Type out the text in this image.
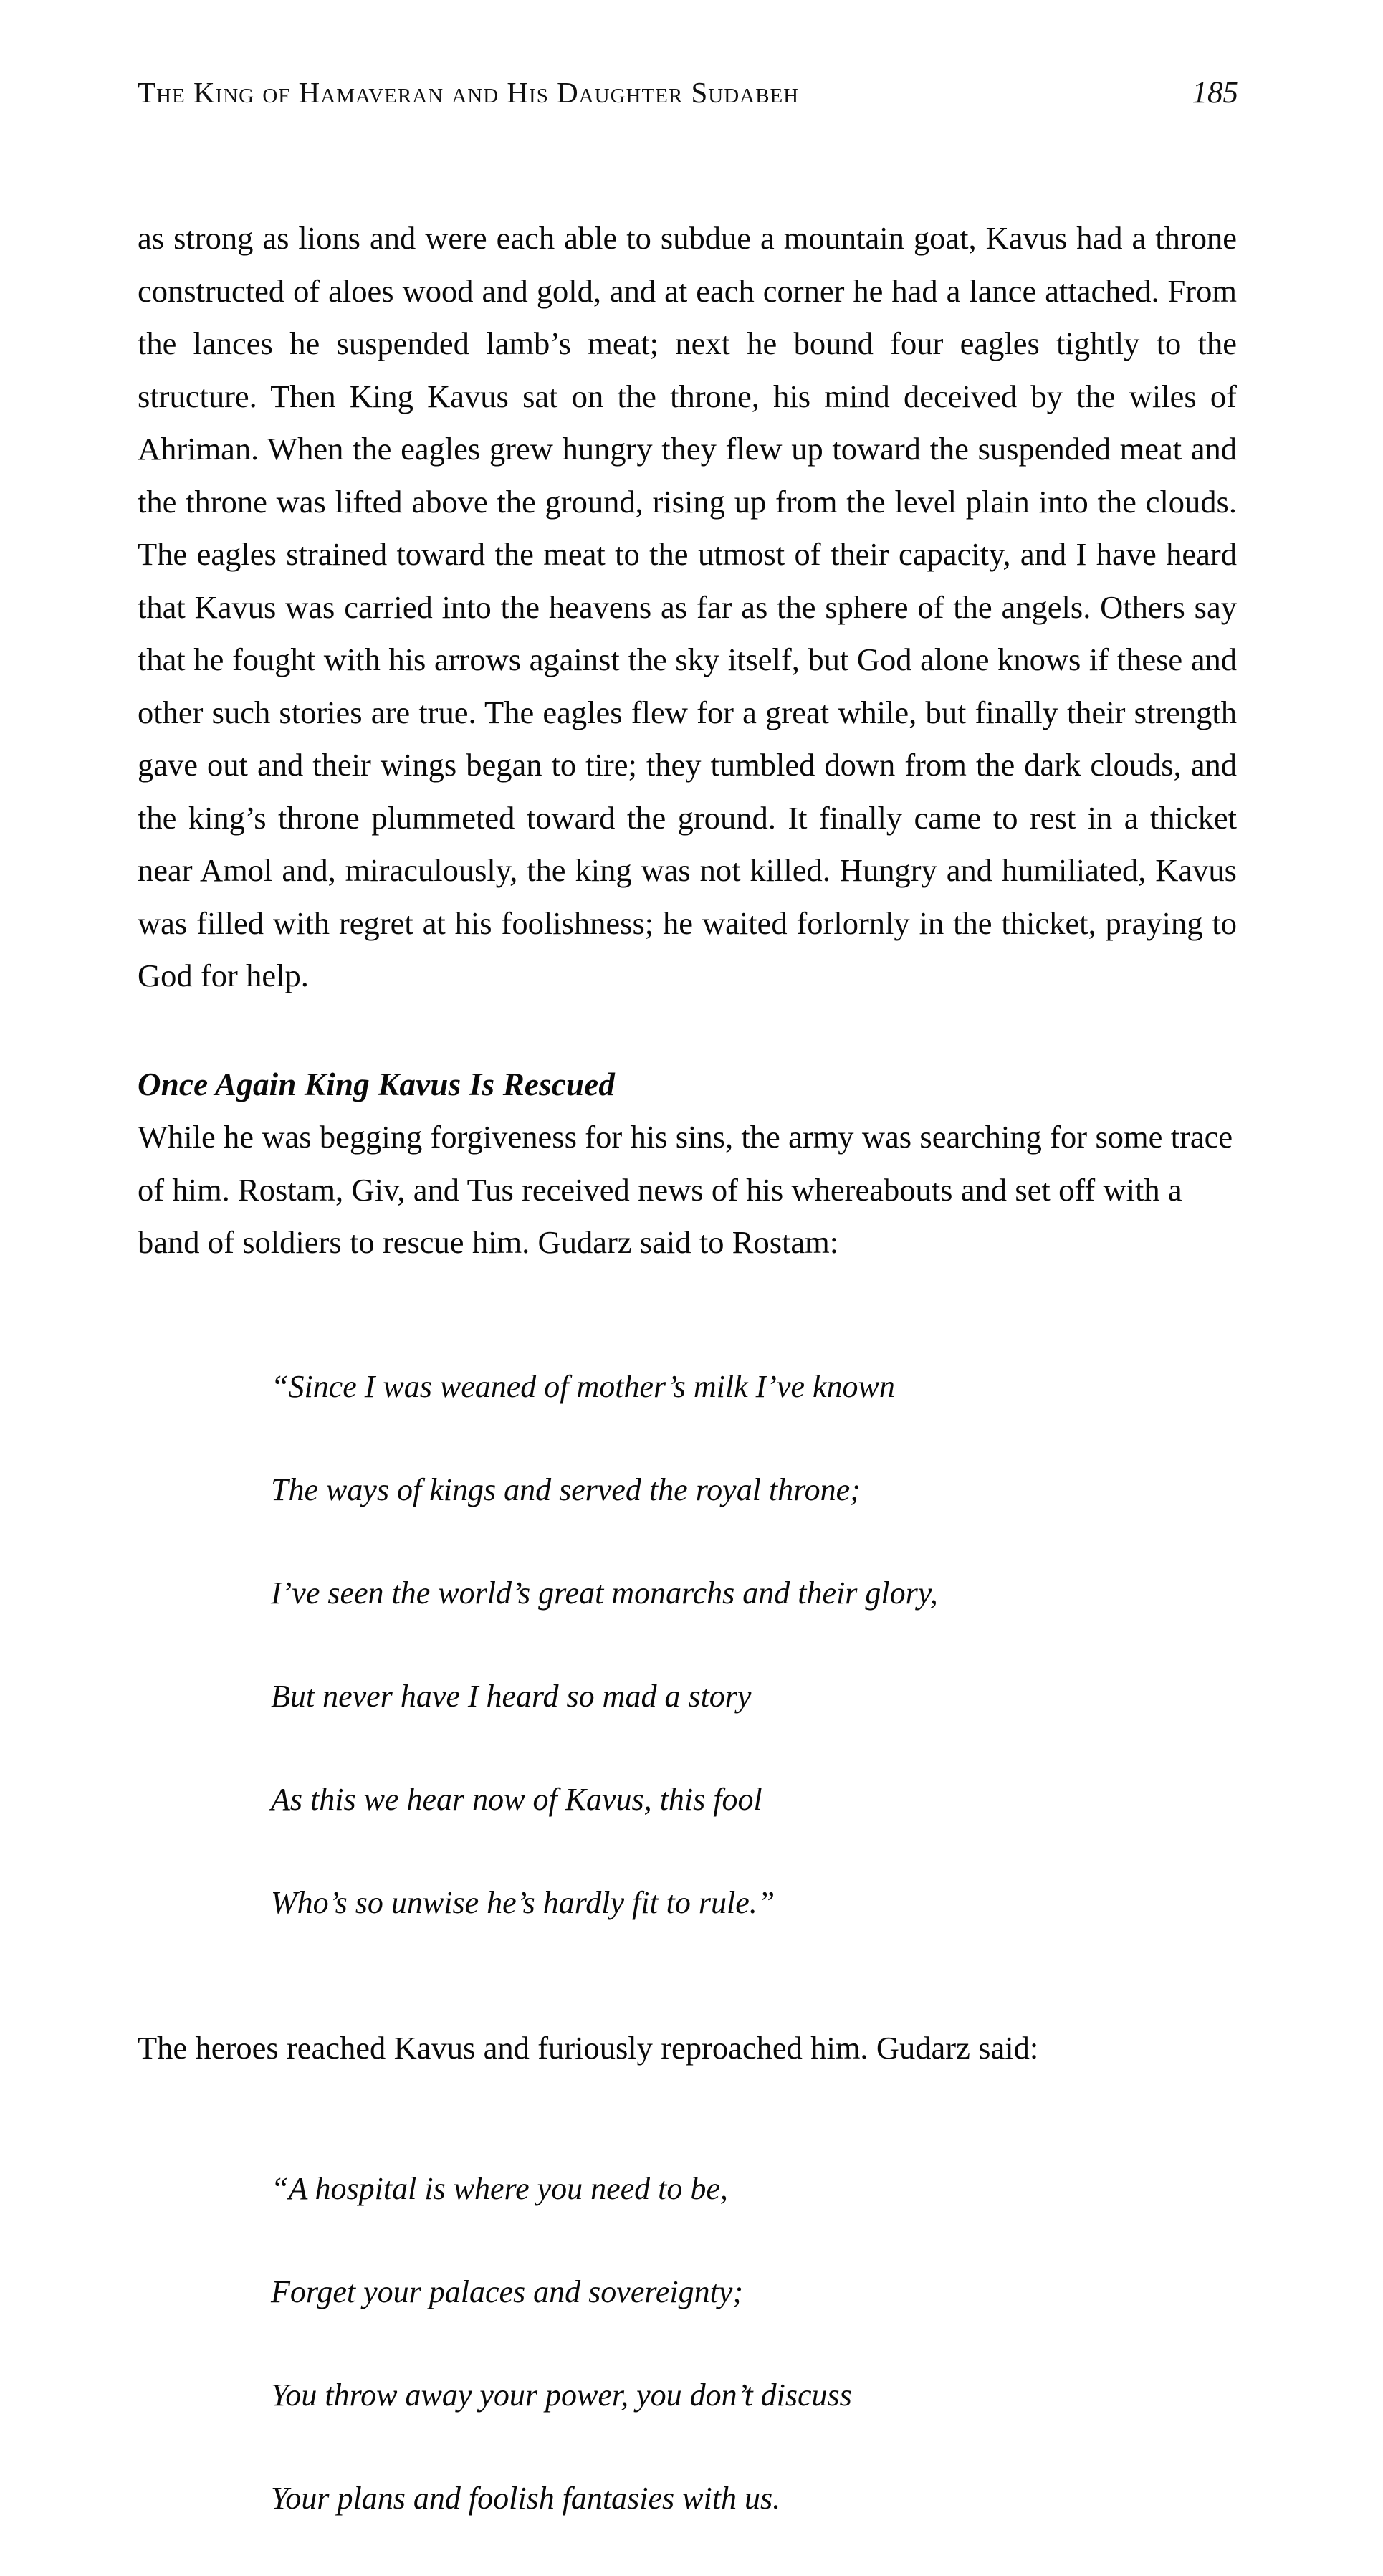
The King of Hamaveran and His Daughter Sudabeh	185

as strong as lions and were each able to subdue a mountain goat, Kavus had a throne constructed of aloes wood and gold, and at each corner he had a lance attached. From the lances he suspended lamb’s meat; next he bound four eagles tightly to the structure. Then King Kavus sat on the throne, his mind deceived by the wiles of Ahriman. When the eagles grew hungry they flew up toward the suspended meat and the throne was lifted above the ground, rising up from the level plain into the clouds. The eagles strained toward the meat to the utmost of their capacity, and I have heard that Kavus was carried into the heavens as far as the sphere of the angels. Others say that he fought with his arrows against the sky itself, but God alone knows if these and other such stories are true. The eagles flew for a great while, but finally their strength gave out and their wings began to tire; they tumbled down from the dark clouds, and the king’s throne plummeted toward the ground. It finally came to rest in a thicket near Amol and, miraculously, the king was not killed. Hungry and humiliated, Kavus was filled with regret at his foolishness; he waited forlornly in the thicket, praying to God for help.

Once Again King Kavus Is Rescued

While he was begging forgiveness for his sins, the army was searching for some trace of him. Rostam, Giv, and Tus received news of his whereabouts and set off with a band of soldiers to rescue him. Gudarz said to Rostam:

“Since I was weaned of mother’s milk I’ve known

The ways of kings and served the royal throne;

I’ve seen the world’s great monarchs and their glory,

But never have I heard so mad a story

As this we hear now of Kavus, this fool

Who’s so unwise he’s hardly fit to rule.”

The heroes reached Kavus and furiously reproached him. Gudarz said:

“A hospital is where you need to be,

Forget your palaces and sovereignty;

You throw away your power, you don’t discuss

Your plans and foolish fantasies with us.
